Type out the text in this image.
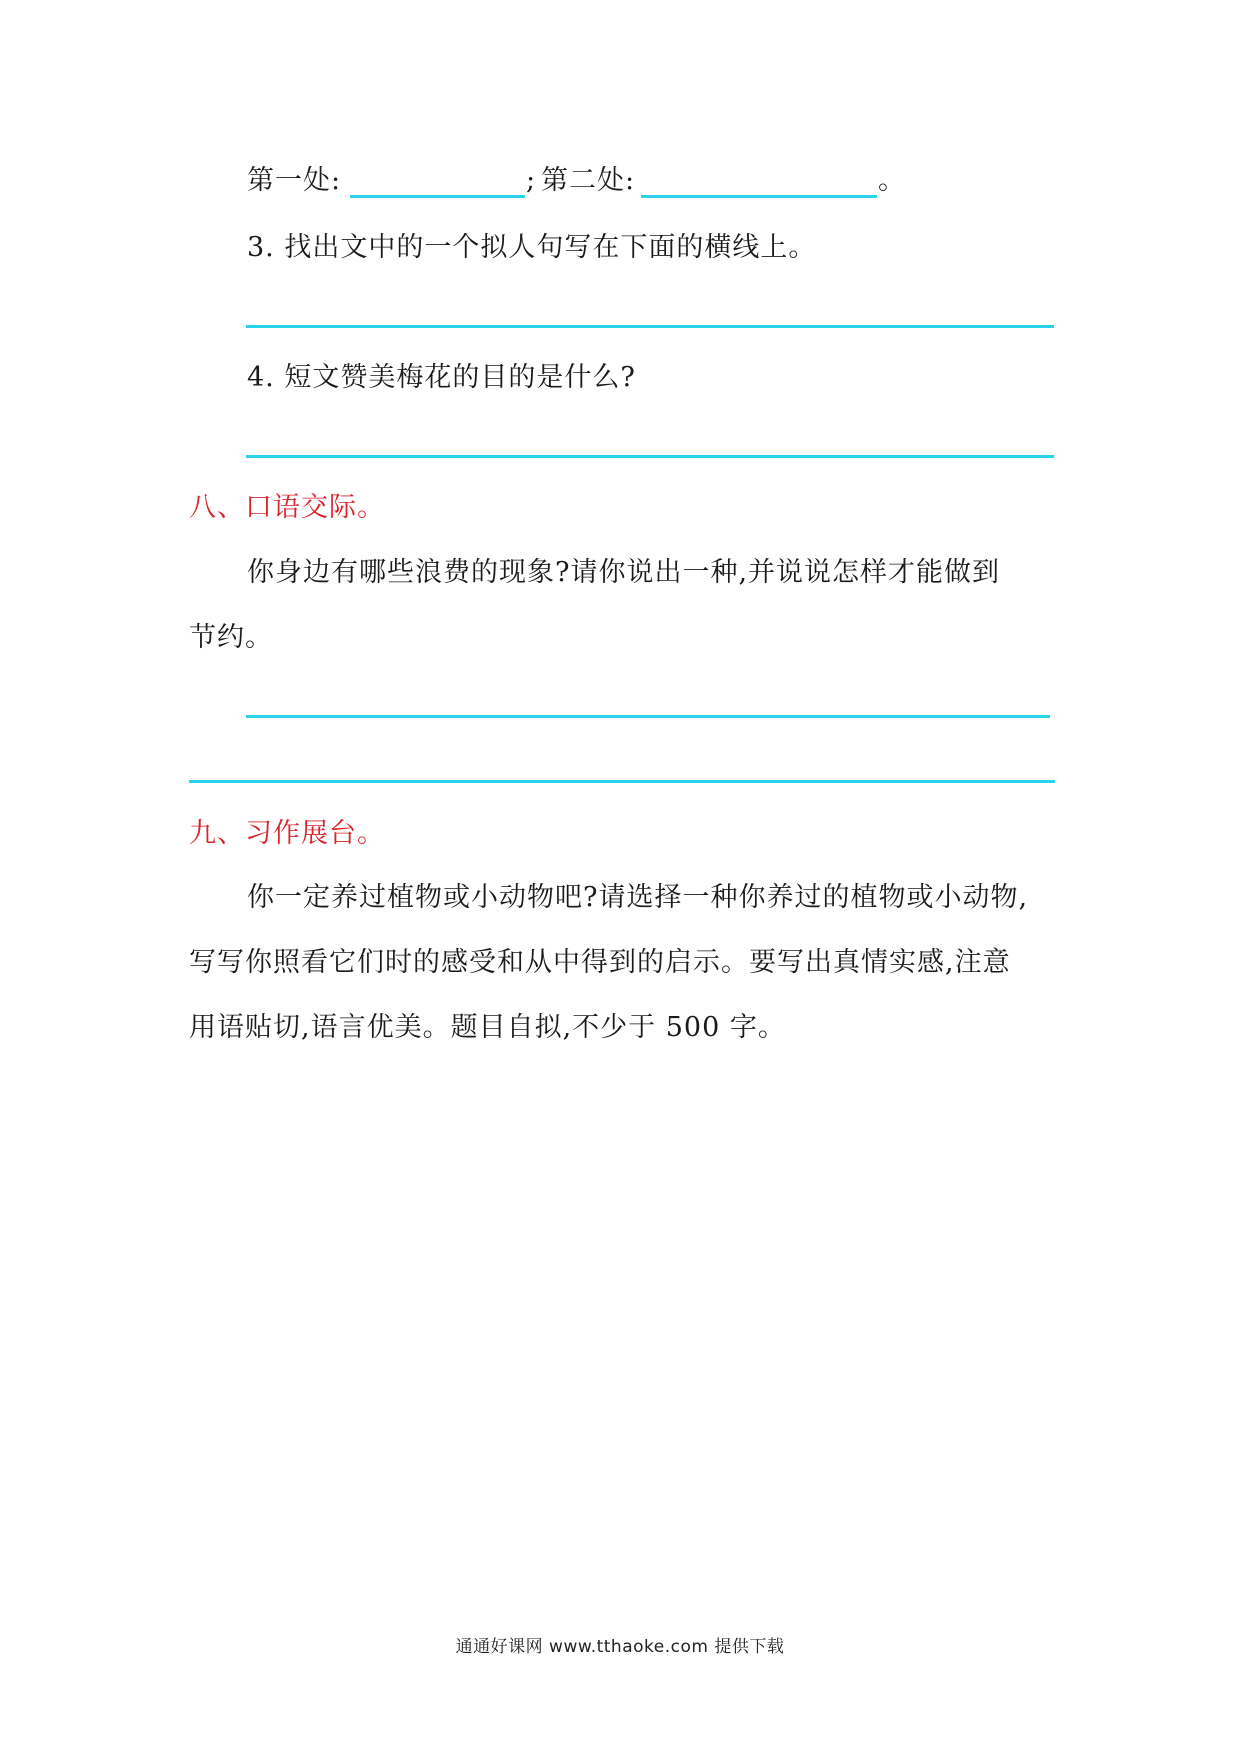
第一处:	; 第二处:	。
3. 找出文中的一个拟人句写在下面的横线上。
4. 短文赞美梅花的目的是什么?
八、口语交际。
你身边有哪些浪费的现象?请你说出一种,并说说怎样才能做到
节约。
九、习作展台。
你一定养过植物或小动物吧?请选择一种你养过的植物或小动物,
写写你照看它们时的感受和从中得到的启示。要写出真情实感,注意
用语贴切,语言优美。题目自拟,不少于 500 字。
通通好课网 www.tthaoke.com 提供下载
